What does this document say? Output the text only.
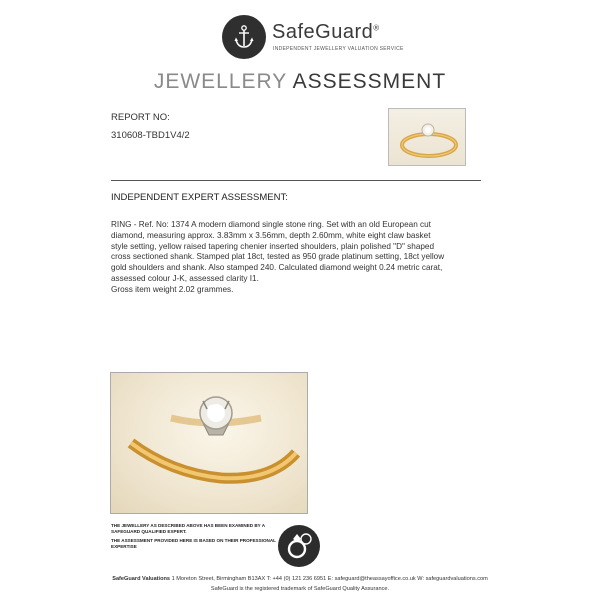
SafeGuard®
INDEPENDENT JEWELLERY VALUATION SERVICE
JEWELLERY ASSESSMENT
REPORT NO:
310608-TBD1V4/2
INDEPENDENT EXPERT ASSESSMENT:
RING - Ref. No: 1374 A modern diamond single stone ring. Set with an old European cut
diamond, measuring approx. 3.83mm x 3.56mm, depth 2.60mm, white eight claw basket
style setting, yellow raised tapering chenier inserted shoulders, plain polished "D" shaped
cross sectioned shank. Stamped plat 18ct, tested as 950 grade platinum setting, 18ct yellow
gold shoulders and shank. Also stamped 240. Calculated diamond weight 0.24 metric carat,
assessed colour J-K, assessed clarity I1.
Gross item weight 2.02 grammes.
THE JEWELLERY AS DESCRIBED ABOVE HAS BEEN EXAMINED BY A SAFEGUARD QUALIFIED EXPERT.
THE ASSESSMENT PROVIDED HERE IS BASED ON THEIR PROFESSIONAL EXPERTISE
SafeGuard Valuations 1 Moreton Street, Birmingham B13AX T: +44 (0) 121 236 6951 E: safeguard@theassayoffice.co.uk W: safeguardvaluations.com
SafeGuard is the registered trademark of SafeGuard Quality Assurance.
